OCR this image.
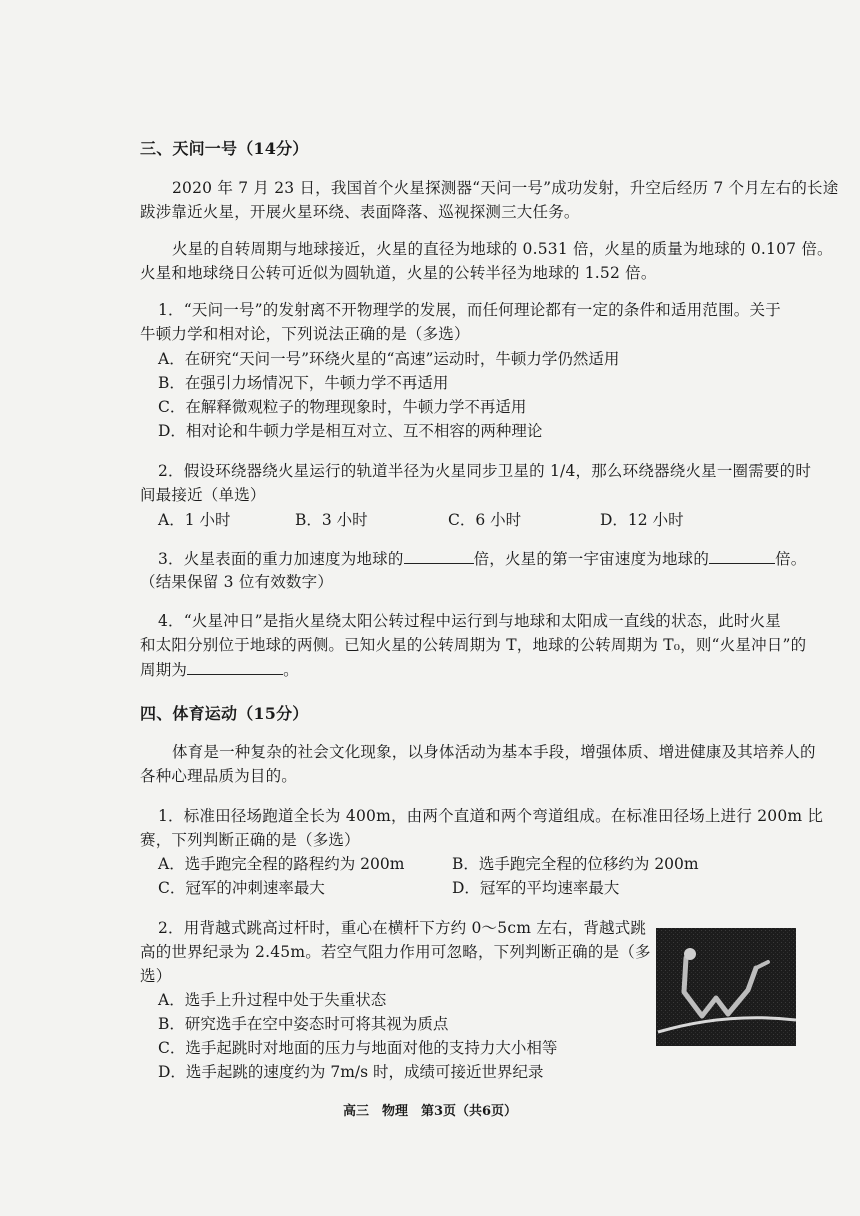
三、天问一号（14分）
2020 年 7 月 23 日，我国首个火星探测器“天问一号”成功发射，升空后经历 7 个月左右的长途
跋涉靠近火星，开展火星环绕、表面降落、巡视探测三大任务。
火星的自转周期与地球接近，火星的直径为地球的 0.531 倍，火星的质量为地球的 0.107 倍。
火星和地球绕日公转可近似为圆轨道，火星的公转半径为地球的 1.52 倍。
1．“天问一号”的发射离不开物理学的发展，而任何理论都有一定的条件和适用范围。关于
牛顿力学和相对论，下列说法正确的是（多选）
A．在研究“天问一号”环绕火星的“高速”运动时，牛顿力学仍然适用
B．在强引力场情况下，牛顿力学不再适用
C．在解释微观粒子的物理现象时，牛顿力学不再适用
D．相对论和牛顿力学是相互对立、互不相容的两种理论
2．假设环绕器绕火星运行的轨道半径为火星同步卫星的 1/4，那么环绕器绕火星一圈需要的时
间最接近（单选）
A．1 小时	B．3 小时	C．6 小时	D．12 小时
3．火星表面的重力加速度为地球的	倍，火星的第一宇宙速度为地球的	倍。
（结果保留 3 位有效数字）
4．“火星冲日”是指火星绕太阳公转过程中运行到与地球和太阳成一直线的状态，此时火星
和太阳分别位于地球的两侧。已知火星的公转周期为 T，地球的公转周期为 T₀，则“火星冲日”的
周期为	。
四、体育运动（15分）
体育是一种复杂的社会文化现象，以身体活动为基本手段，增强体质、增进健康及其培养人的
各种心理品质为目的。
1．标准田径场跑道全长为 400m，由两个直道和两个弯道组成。在标准田径场上进行 200m 比
赛，下列判断正确的是（多选）
A．选手跑完全程的路程约为 200m	B．选手跑完全程的位移约为 200m
C．冠军的冲刺速率最大	D．冠军的平均速率最大
2．用背越式跳高过杆时，重心在横杆下方约 0～5cm 左右，背越式跳
高的世界纪录为 2.45m。若空气阻力作用可忽略，下列判断正确的是（多
选）
A．选手上升过程中处于失重状态
B．研究选手在空中姿态时可将其视为质点
C．选手起跳时对地面的压力与地面对他的支持力大小相等
D．选手起跳的速度约为 7m/s 时，成绩可接近世界纪录
高三　物理　第3页（共6页）
